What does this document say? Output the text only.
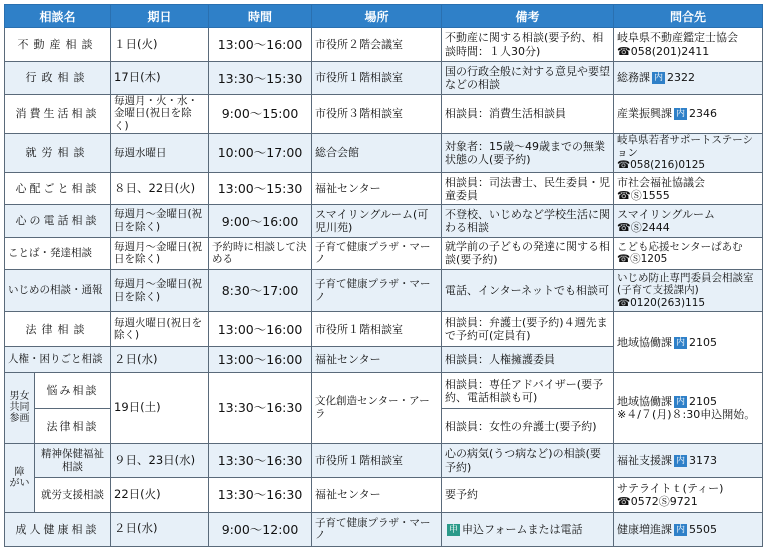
相談名		期日	時間	場所	備考	問合先
不動産相談		１日(火)	13:00〜16:00	市役所２階会議室	不動産に関する相談(要予約、相談時間：１人30分)	岐阜県不動産鑑定士協会
☎058(201)2411
行政相談		17日(木)	13:30〜15:30	市役所１階相談室	国の行政全般に対する意見や要望などの相談	総務課 内 2322
消費生活相談		毎週月・火・水・金曜日(祝日を除く)	9:00〜15:00	市役所３階相談室	相談員：消費生活相談員	産業振興課 内 2346
就労相談		毎週水曜日	10:00〜17:00	総合会館	対象者：15歳〜49歳までの無業状態の人(要予約)	岐阜県若者サポートステーション
☎058(216)0125
心配ごと相談		８日、22日(火)	13:00〜15:30	福祉センター	相談員：司法書士、民生委員・児童委員	市社会福祉協議会
☎Ⓢ1555
心の電話相談		毎週月〜金曜日(祝日を除く)	9:00〜16:00	スマイリングルーム(可児川苑)	不登校、いじめなど学校生活に関わる相談	スマイリングルーム
☎Ⓢ2444
ことば・発達相談		毎週月〜金曜日(祝日を除く)	予約時に相談して決める	子育て健康プラザ・マーノ	就学前の子どもの発達に関する相談(要予約)	こども応援センターぱあむ
☎Ⓢ1205
いじめの相談・通報		毎週月〜金曜日(祝日を除く)	8:30〜17:00	子育て健康プラザ・マーノ	電話、インターネットでも相談可	いじめ防止専門委員会相談室(子育て支援課内)
☎0120(263)115
法律相談		毎週火曜日(祝日を除く)	13:00〜16:00	市役所１階相談室	相談員：弁護士(要予約)４週先まで予約可(定員有)	地域協働課 内 2105
人権・困りごと相談		２日(水)	13:00〜16:00	福祉センター	相談員：人権擁護委員	

男女
共同
参画	悩み相談	19日(土)	13:30〜16:30	文化創造センター・アーラ	相談員：専任アドバイザー(要予約、電話相談も可)	地域協働課 内 2105
※４/７(月)８:30申込開始。
	法律相談				相談員：女性の弁護士(要予約)	

障
がい	精神保健福祉相談	９日、23日(水)	13:30〜16:30	市役所１階相談室	心の病気(うつ病など)の相談(要予約)	福祉支援課 内 3173
	就労支援相談	22日(火)	13:30〜16:30	福祉センター	要予約	サテライトｔ(ティー)
☎0572Ⓢ9721
成人健康相談		２日(水)	9:00〜12:00	子育て健康プラザ・マーノ	申 申込フォームまたは電話	健康増進課 内 5505
